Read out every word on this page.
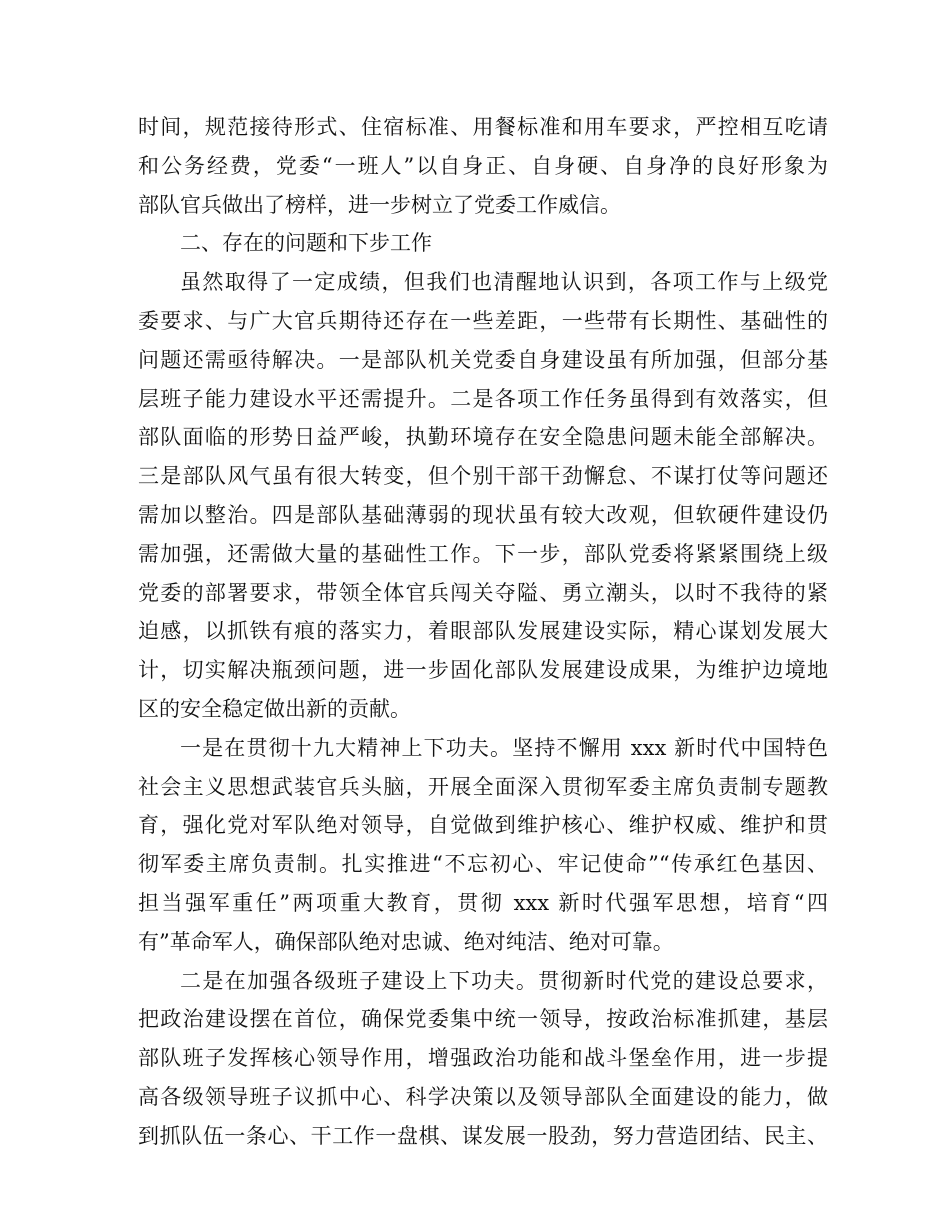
时间，规范接待形式、住宿标准、用餐标准和用车要求，严控相互吃请
和公务经费，党委“一班人”以自身正、自身硬、自身净的良好形象为
部队官兵做出了榜样，进一步树立了党委工作威信。
二、存在的问题和下步工作
虽然取得了一定成绩，但我们也清醒地认识到，各项工作与上级党
委要求、与广大官兵期待还存在一些差距，一些带有长期性、基础性的
问题还需亟待解决。一是部队机关党委自身建设虽有所加强，但部分基
层班子能力建设水平还需提升。二是各项工作任务虽得到有效落实，但
部队面临的形势日益严峻，执勤环境存在安全隐患问题未能全部解决。
三是部队风气虽有很大转变，但个别干部干劲懈怠、不谋打仗等问题还
需加以整治。四是部队基础薄弱的现状虽有较大改观，但软硬件建设仍
需加强，还需做大量的基础性工作。下一步，部队党委将紧紧围绕上级
党委的部署要求，带领全体官兵闯关夺隘、勇立潮头，以时不我待的紧
迫感，以抓铁有痕的落实力，着眼部队发展建设实际，精心谋划发展大
计，切实解决瓶颈问题，进一步固化部队发展建设成果，为维护边境地
区的安全稳定做出新的贡献。
一是在贯彻十九大精神上下功夫。坚持不懈用 xxx 新时代中国特色
社会主义思想武装官兵头脑，开展全面深入贯彻军委主席负责制专题教
育，强化党对军队绝对领导，自觉做到维护核心、维护权威、维护和贯
彻军委主席负责制。扎实推进“不忘初心、牢记使命”“传承红色基因、
担当强军重任”两项重大教育，贯彻 xxx 新时代强军思想，培育“四
有”革命军人，确保部队绝对忠诚、绝对纯洁、绝对可靠。
二是在加强各级班子建设上下功夫。贯彻新时代党的建设总要求，
把政治建设摆在首位，确保党委集中统一领导，按政治标准抓建，基层
部队班子发挥核心领导作用，增强政治功能和战斗堡垒作用，进一步提
高各级领导班子议抓中心、科学决策以及领导部队全面建设的能力，做
到抓队伍一条心、干工作一盘棋、谋发展一股劲，努力营造团结、民主、
